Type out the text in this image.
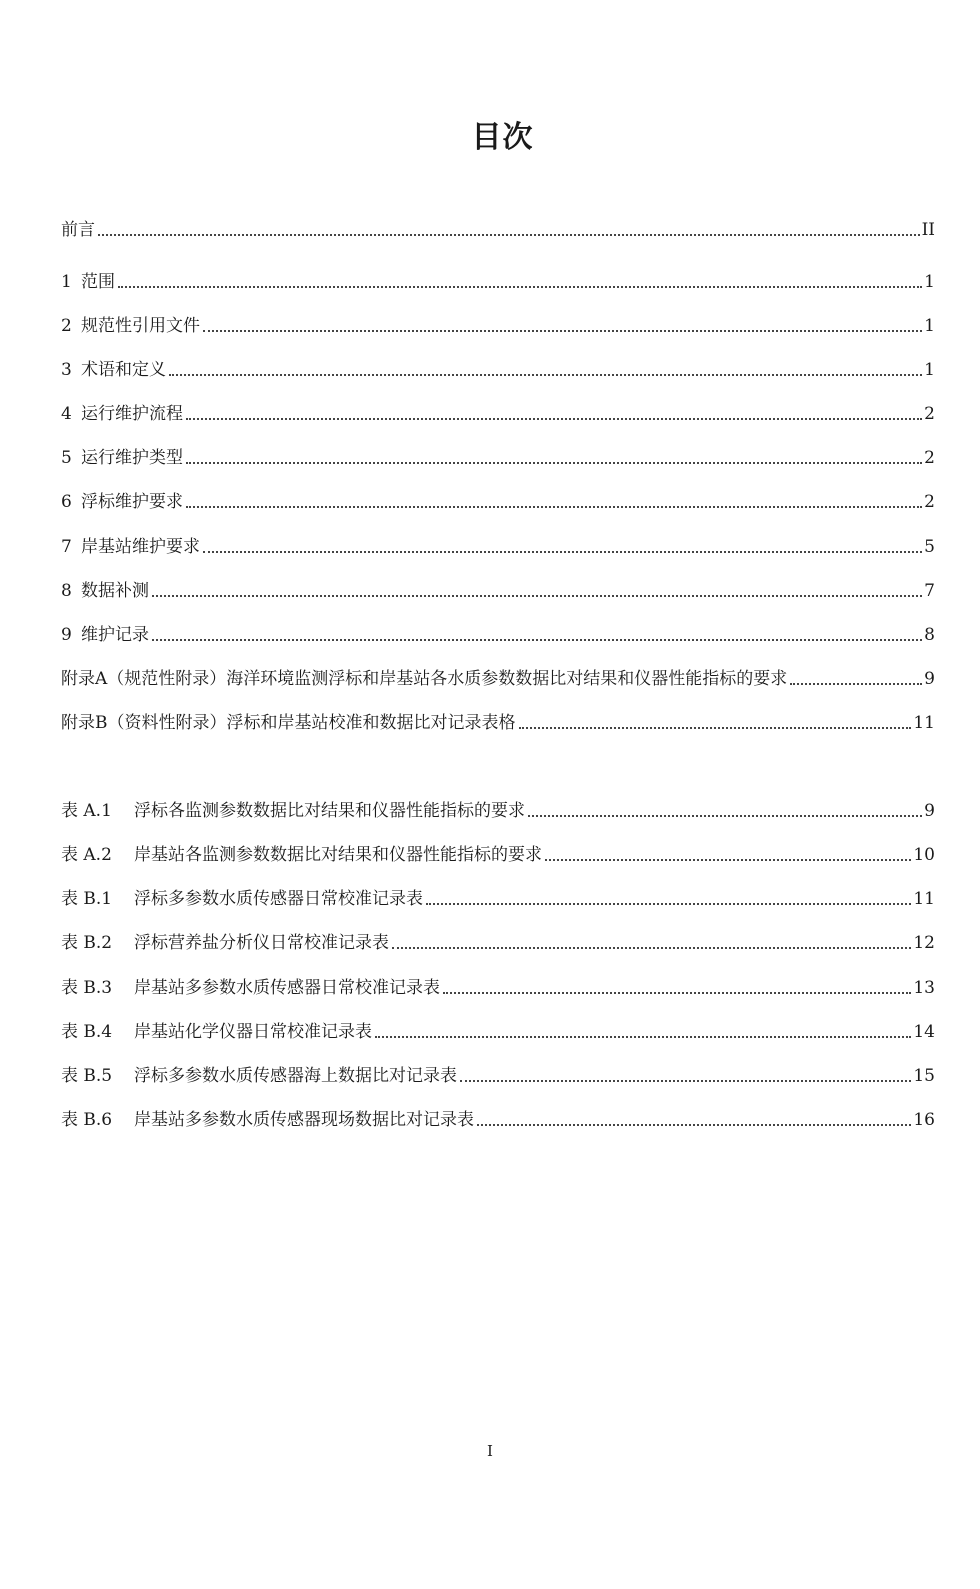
目次
前言	II
1 范围	1
2 规范性引用文件	1
3 术语和定义	1
4 运行维护流程	2
5 运行维护类型	2
6 浮标维护要求	2
7 岸基站维护要求	5
8 数据补测	7
9 维护记录	8
附录A（规范性附录）海洋环境监测浮标和岸基站各水质参数数据比对结果和仪器性能指标的要求	9
附录B（资料性附录）浮标和岸基站校准和数据比对记录表格	11
表 A.1	浮标各监测参数数据比对结果和仪器性能指标的要求	9
表 A.2	岸基站各监测参数数据比对结果和仪器性能指标的要求	10
表 B.1	浮标多参数水质传感器日常校准记录表	11
表 B.2	浮标营养盐分析仪日常校准记录表	12
表 B.3	岸基站多参数水质传感器日常校准记录表	13
表 B.4	岸基站化学仪器日常校准记录表	14
表 B.5	浮标多参数水质传感器海上数据比对记录表	15
表 B.6	岸基站多参数水质传感器现场数据比对记录表	16
I
